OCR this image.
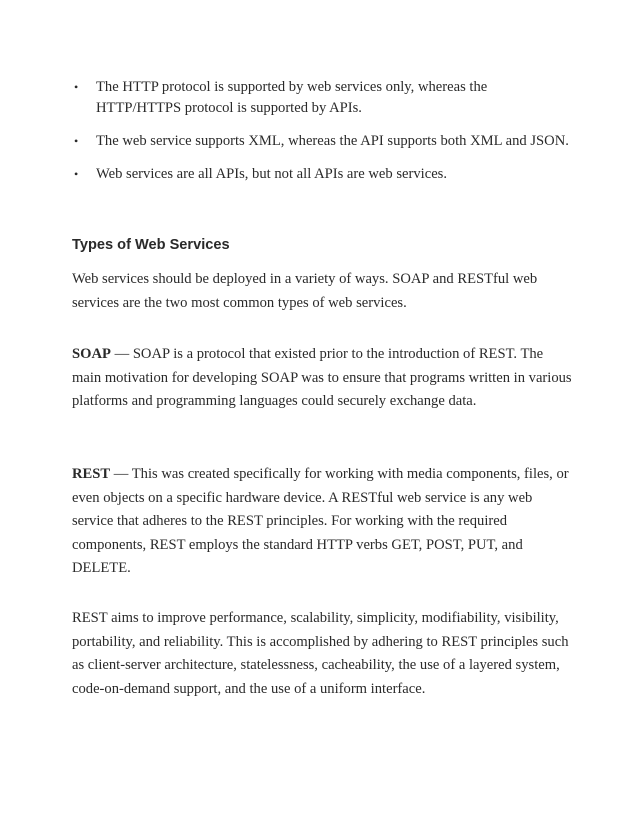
• The HTTP protocol is supported by web services only, whereas the HTTP/HTTPS protocol is supported by APIs.
• The web service supports XML, whereas the API supports both XML and JSON.
• Web services are all APIs, but not all APIs are web services.
Types of Web Services

Web services should be deployed in a variety of ways. SOAP and RESTful web services are the two most common types of web services.

SOAP — SOAP is a protocol that existed prior to the introduction of REST. The main motivation for developing SOAP was to ensure that programs written in various platforms and programming languages could securely exchange data.

REST — This was created specifically for working with media components, files, or even objects on a specific hardware device. A RESTful web service is any web service that adheres to the REST principles. For working with the required components, REST employs the standard HTTP verbs GET, POST, PUT, and DELETE.

REST aims to improve performance, scalability, simplicity, modifiability, visibility, portability, and reliability. This is accomplished by adhering to REST principles such as client-server architecture, statelessness, cacheability, the use of a layered system, code-on-demand support, and the use of a uniform interface.
